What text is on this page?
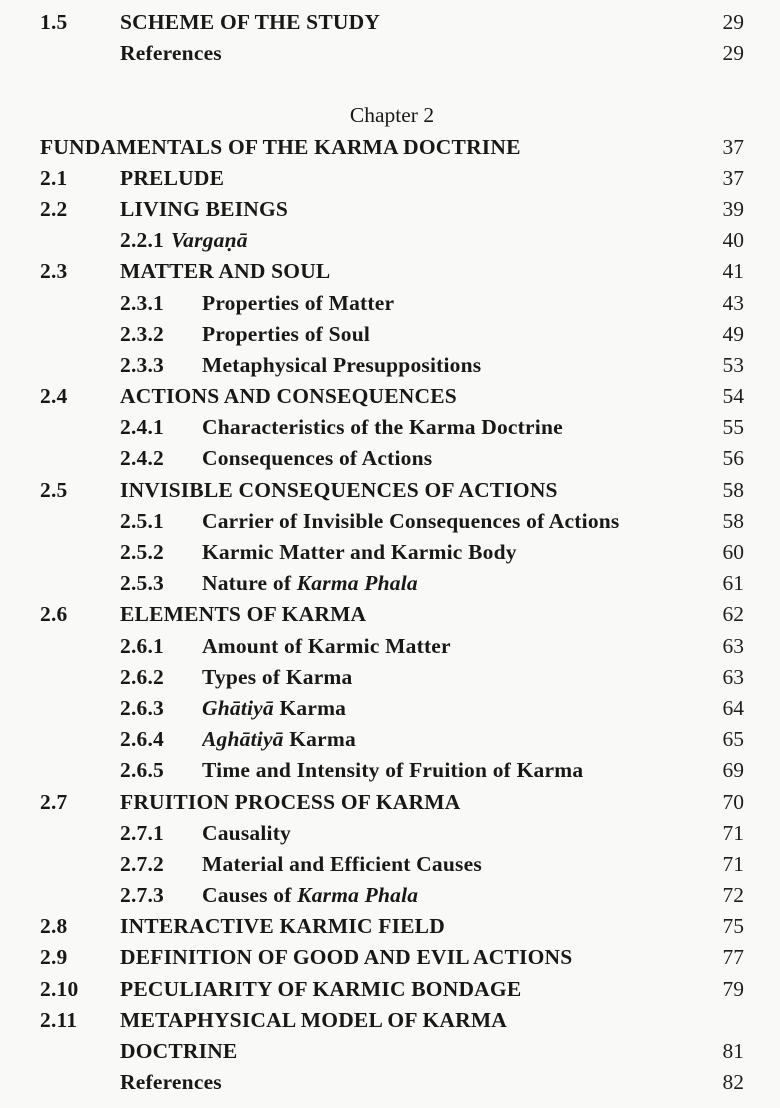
1.5	SCHEME OF THE STUDY	29
References	29
Chapter 2
FUNDAMENTALS OF THE KARMA DOCTRINE	37
2.1	PRELUDE	37
2.2	LIVING BEINGS	39
2.2.1 Vargaṇā	40
2.3	MATTER AND SOUL	41
2.3.1	Properties of Matter	43
2.3.2	Properties of Soul	49
2.3.3	Metaphysical Presuppositions	53
2.4	ACTIONS AND CONSEQUENCES	54
2.4.1	Characteristics of the Karma Doctrine	55
2.4.2	Consequences of Actions	56
2.5	INVISIBLE CONSEQUENCES OF ACTIONS	58
2.5.1	Carrier of Invisible Consequences of Actions	58
2.5.2	Karmic Matter and Karmic Body	60
2.5.3	Nature of Karma Phala	61
2.6	ELEMENTS OF KARMA	62
2.6.1	Amount of Karmic Matter	63
2.6.2	Types of Karma	63
2.6.3	Ghātiyā Karma	64
2.6.4	Aghātiyā Karma	65
2.6.5	Time and Intensity of Fruition of Karma	69
2.7	FRUITION PROCESS OF KARMA	70
2.7.1	Causality	71
2.7.2	Material and Efficient Causes	71
2.7.3	Causes of Karma Phala	72
2.8	INTERACTIVE KARMIC FIELD	75
2.9	DEFINITION OF GOOD AND EVIL ACTIONS	77
2.10	PECULIARITY OF KARMIC BONDAGE	79
2.11	METAPHYSICAL MODEL OF KARMA
DOCTRINE	81
References	82
